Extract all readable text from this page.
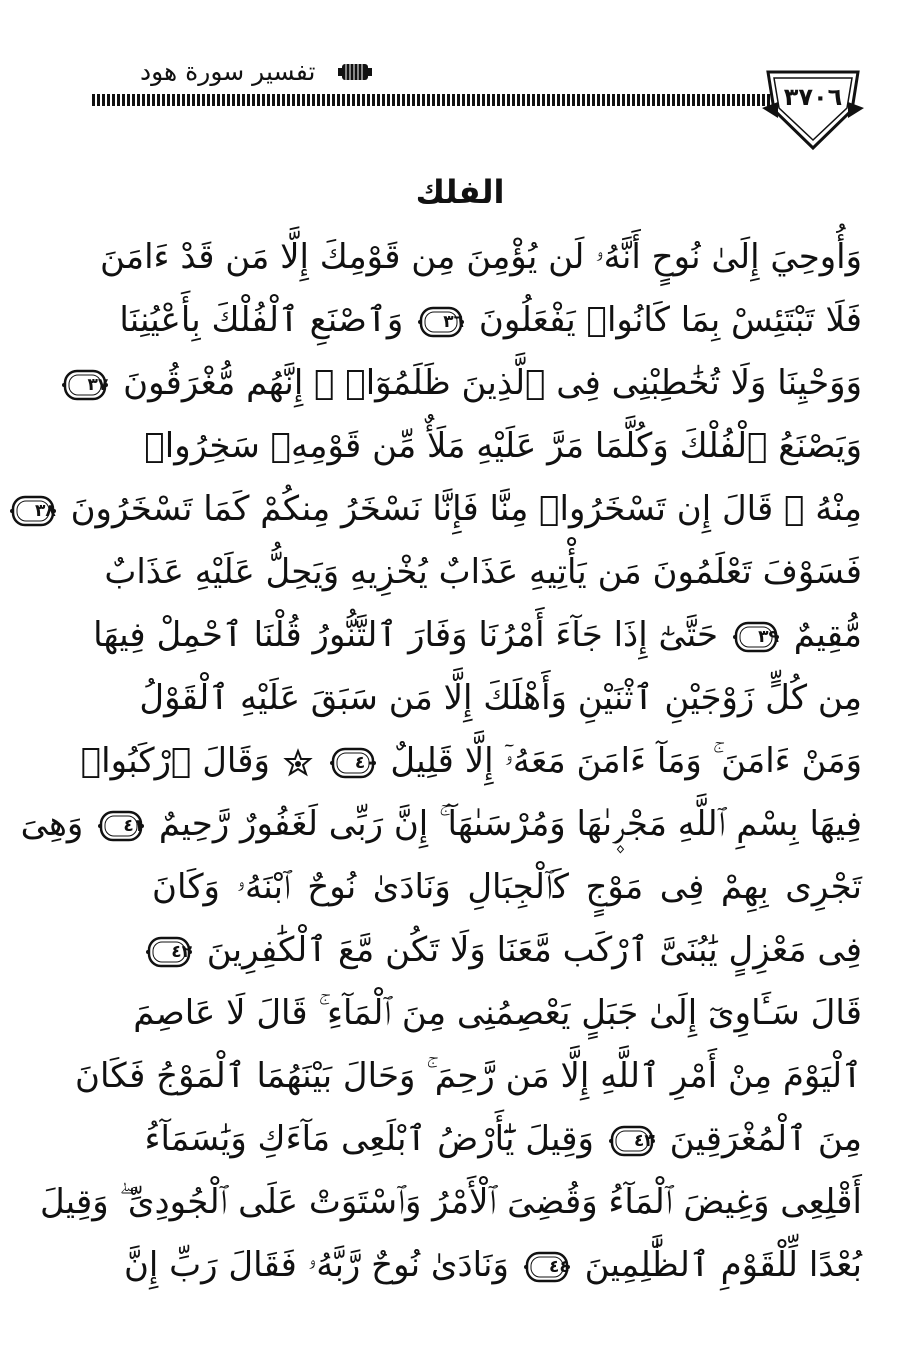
تفسير سورة هود
٣٧٠٦
الفلك
وَأُوحِيَ إِلَىٰ نُوحٍ أَنَّهُۥ لَن يُؤْمِنَ مِن قَوْمِكَ إِلَّا مَن قَدْ ءَامَنَ
فَلَا تَبْتَئِسْ بِمَا كَانُوا۟ يَفْعَلُونَ
٣٦
وَٱصْنَعِ ٱلْفُلْكَ بِأَعْيُنِنَا
وَوَحْيِنَا وَلَا تُخَٰطِبْنِى فِى ٱلَّذِينَ ظَلَمُوٓا۟ ۚ إِنَّهُم مُّغْرَقُونَ
٣٧
وَيَصْنَعُ ٱلْفُلْكَ وَكُلَّمَا مَرَّ عَلَيْهِ مَلَأٌ مِّن قَوْمِهِۦ سَخِرُوا۟
مِنْهُ ۚ قَالَ إِن تَسْخَرُوا۟ مِنَّا فَإِنَّا نَسْخَرُ مِنكُمْ كَمَا تَسْخَرُونَ
٣٨
فَسَوْفَ تَعْلَمُونَ مَن يَأْتِيهِ عَذَابٌ يُخْزِيهِ وَيَحِلُّ عَلَيْهِ عَذَابٌ
مُّقِيمٌ
٣٩
حَتَّىٰٓ إِذَا جَآءَ أَمْرُنَا وَفَارَ ٱلتَّنُّورُ قُلْنَا ٱحْمِلْ فِيهَا
مِن كُلٍّ زَوْجَيْنِ ٱثْنَيْنِ وَأَهْلَكَ إِلَّا مَن سَبَقَ عَلَيْهِ ٱلْقَوْلُ
وَمَنْ ءَامَنَ ۚ وَمَآ ءَامَنَ مَعَهُۥٓ إِلَّا قَلِيلٌ
٤٠
وَقَالَ ٱرْكَبُوا۟
فِيهَا بِسْمِ ٱللَّهِ مَجْر۪ىٰهَا وَمُرْسَىٰهَآ ۚ إِنَّ رَبِّى لَغَفُورٌ رَّحِيمٌ
٤١
وَهِىَ
تَجْرِى بِهِمْ فِى مَوْجٍ كَٱلْجِبَالِ وَنَادَىٰ نُوحٌ ٱبْنَهُۥ وَكَانَ
فِى مَعْزِلٍ يَٰبُنَىَّ ٱرْكَب مَّعَنَا وَلَا تَكُن مَّعَ ٱلْكَٰفِرِينَ
٤٢
قَالَ سَـَٔاوِىٓ إِلَىٰ جَبَلٍ يَعْصِمُنِى مِنَ ٱلْمَآءِ ۚ قَالَ لَا عَاصِمَ
ٱلْيَوْمَ مِنْ أَمْرِ ٱللَّهِ إِلَّا مَن رَّحِمَ ۚ وَحَالَ بَيْنَهُمَا ٱلْمَوْجُ فَكَانَ
مِنَ ٱلْمُغْرَقِينَ
٤٣
وَقِيلَ يَٰٓأَرْضُ ٱبْلَعِى مَآءَكِ وَيَٰسَمَآءُ
أَقْلِعِى وَغِيضَ ٱلْمَآءُ وَقُضِىَ ٱلْأَمْرُ وَٱسْتَوَتْ عَلَى ٱلْجُودِىِّ ۖ وَقِيلَ
بُعْدًا لِّلْقَوْمِ ٱلظَّٰلِمِينَ
٤٤
وَنَادَىٰ نُوحٌ رَّبَّهُۥ فَقَالَ رَبِّ إِنَّ
